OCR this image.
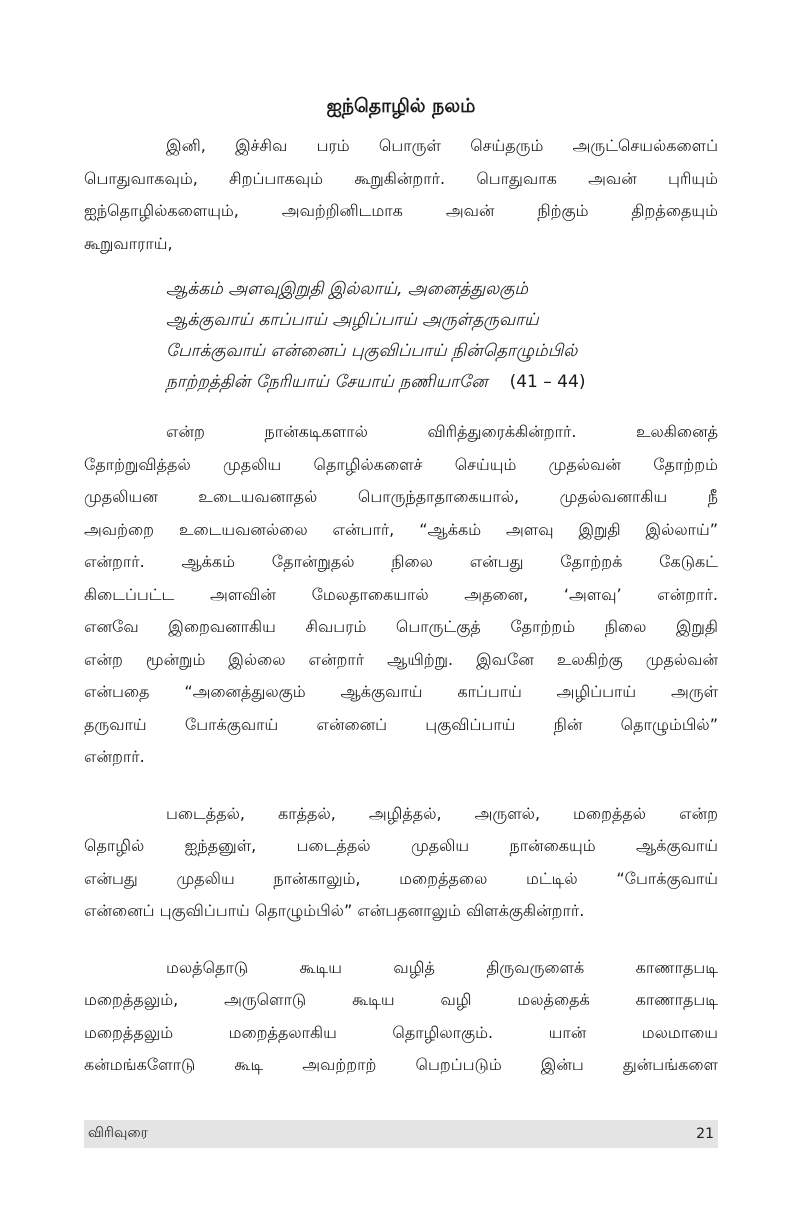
ஐந்தொழில் நலம்

இனி, இச்சிவ பரம் பொருள் செய்தரும் அருட்செயல்களைப்
பொதுவாகவும், சிறப்பாகவும் கூறுகின்றார். பொதுவாக அவன் புரியும்
ஐந்தொழில்களையும், அவற்றினிடமாக அவன் நிற்கும் திறத்தையும்
கூறுவாராய்,

ஆக்கம் அளவுஇறுதி இல்லாய், அனைத்துலகும்
ஆக்குவாய் காப்பாய் அழிப்பாய் அருள்தருவாய்
போக்குவாய் என்னைப் புகுவிப்பாய் நின்தொழும்பில்
நாற்றத்தின் நேரியாய் சேயாய் நணியானே (41 – 44)

என்ற நான்கடிகளால் விரித்துரைக்கின்றார். உலகினைத்
தோற்றுவித்தல் முதலிய தொழில்களைச் செய்யும் முதல்வன் தோற்றம்
முதலியன உடையவனாதல் பொருந்தாதாகையால், முதல்வனாகிய நீ
அவற்றை உடையவனல்லை என்பார், “ஆக்கம் அளவு இறுதி இல்லாய்”
என்றார். ஆக்கம் தோன்றுதல் நிலை என்பது தோற்றக் கேடுகட்
கிடைப்பட்ட அளவின் மேலதாகையால் அதனை, ‘அளவு’ என்றார்.
எனவே இறைவனாகிய சிவபரம் பொருட்குத் தோற்றம் நிலை இறுதி
என்ற மூன்றும் இல்லை என்றார் ஆயிற்று. இவனே உலகிற்கு முதல்வன்
என்பதை “அனைத்துலகும் ஆக்குவாய் காப்பாய் அழிப்பாய் அருள்
தருவாய் போக்குவாய் என்னைப் புகுவிப்பாய் நின் தொழும்பில்”
என்றார்.

படைத்தல், காத்தல், அழித்தல், அருளல், மறைத்தல் என்ற
தொழில் ஐந்தனுள், படைத்தல் முதலிய நான்கையும் ஆக்குவாய்
என்பது முதலிய நான்காலும், மறைத்தலை மட்டில் “போக்குவாய்
என்னைப் புகுவிப்பாய் தொழும்பில்” என்பதனாலும் விளக்குகின்றார்.

மலத்தொடு கூடிய வழித் திருவருளைக் காணாதபடி
மறைத்தலும், அருளொடு கூடிய வழி மலத்தைக் காணாதபடி
மறைத்தலும் மறைத்தலாகிய தொழிலாகும். யான் மலமாயை
கன்மங்களோடு கூடி அவற்றாற் பெறப்படும் இன்ப துன்பங்களை

விரிவுரை	21
